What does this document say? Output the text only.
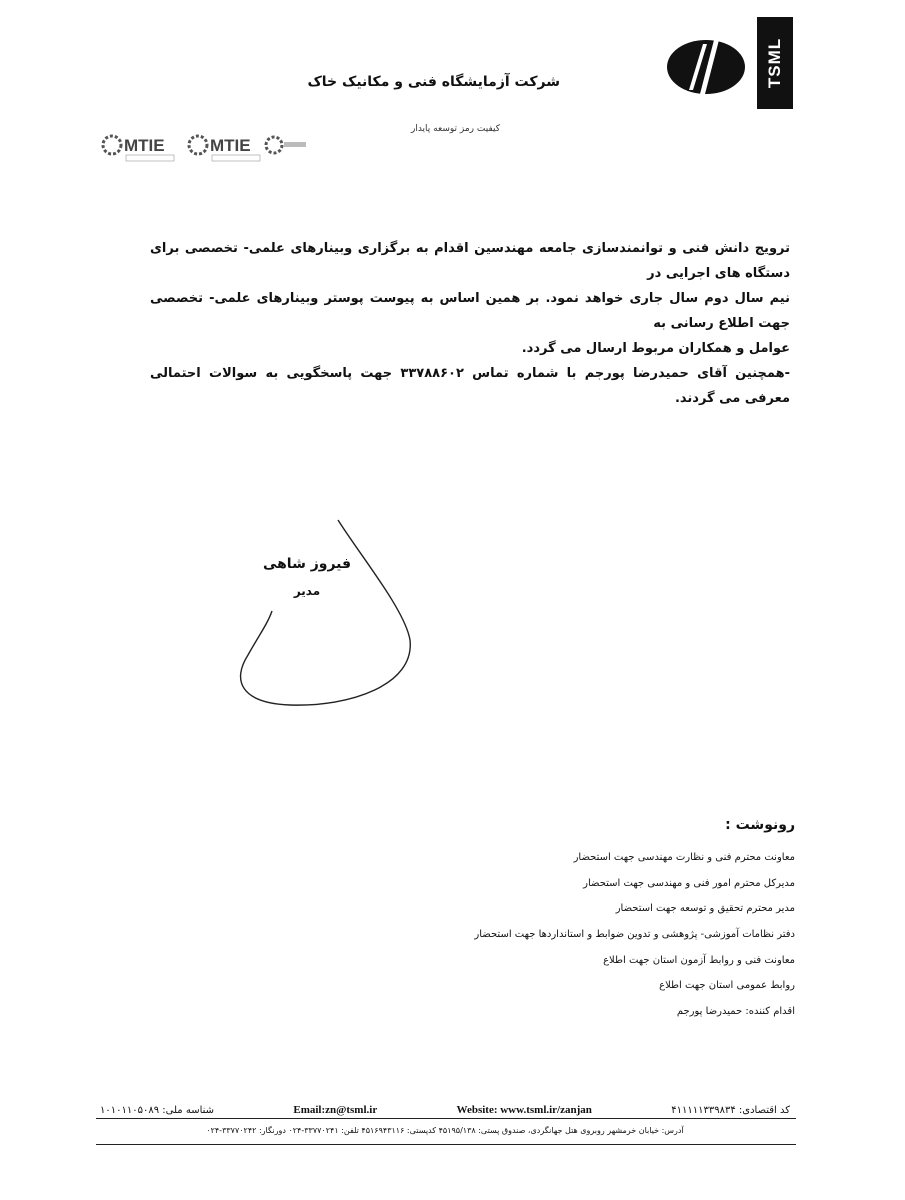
TSML
شرکت آزمایشگاه فنی و مکانیک خاک
کیفیت رمز توسعه پایدار
MTIE	MTIE

ترویج دانش فنی و توانمندسازی جامعه مهندسین اقدام به برگزاری وبینارهای علمی- تخصصی برای دستگاه های اجرایی در

نیم سال دوم سال جاری خواهد نمود. بر همین اساس به پیوست پوستر وبینارهای علمی- تخصصی جهت اطلاع رسانی به

عوامل و همکاران مربوط ارسال می گردد.

-همچنین آقای حمیدرضا پورجم با شماره تماس ۳۳۷۸۸۶۰۲ جهت پاسخگویی به سوالات احتمالی معرفی می گردند.

فیروز شاهی
مدیر
رونوشت :
معاونت محترم فنی و نظارت مهندسی جهت استحضار
مدیرکل محترم امور فنی و مهندسی جهت استحضار
مدیر محترم تحقیق و توسعه جهت استحضار
دفتر نظامات آموزشی- پژوهشی و تدوین ضوابط و استانداردها جهت استحضار
معاونت فنی و روابط آزمون استان جهت اطلاع
روابط عمومی استان جهت اطلاع
اقدام کننده: حمیدرضا پورجم
کد اقتصادی: ۴۱۱۱۱۱۳۳۹۸۳۴
Website: www.tsml.ir/zanjan
Email:zn@tsml.ir
شناسه ملی: ۱۰۱۰۱۱۰۵۰۸۹
آدرس: خیابان خرمشهر روبروی هتل جهانگردی، صندوق پستی: ۴۵۱۹۵/۱۳۸ کدپستی: ۴۵۱۶۹۴۳۱۱۶ تلفن: ۳۳۷۷۰۲۴۱-۰۲۴ دورنگار: ۳۳۷۷۰۲۴۲-۰۲۴
